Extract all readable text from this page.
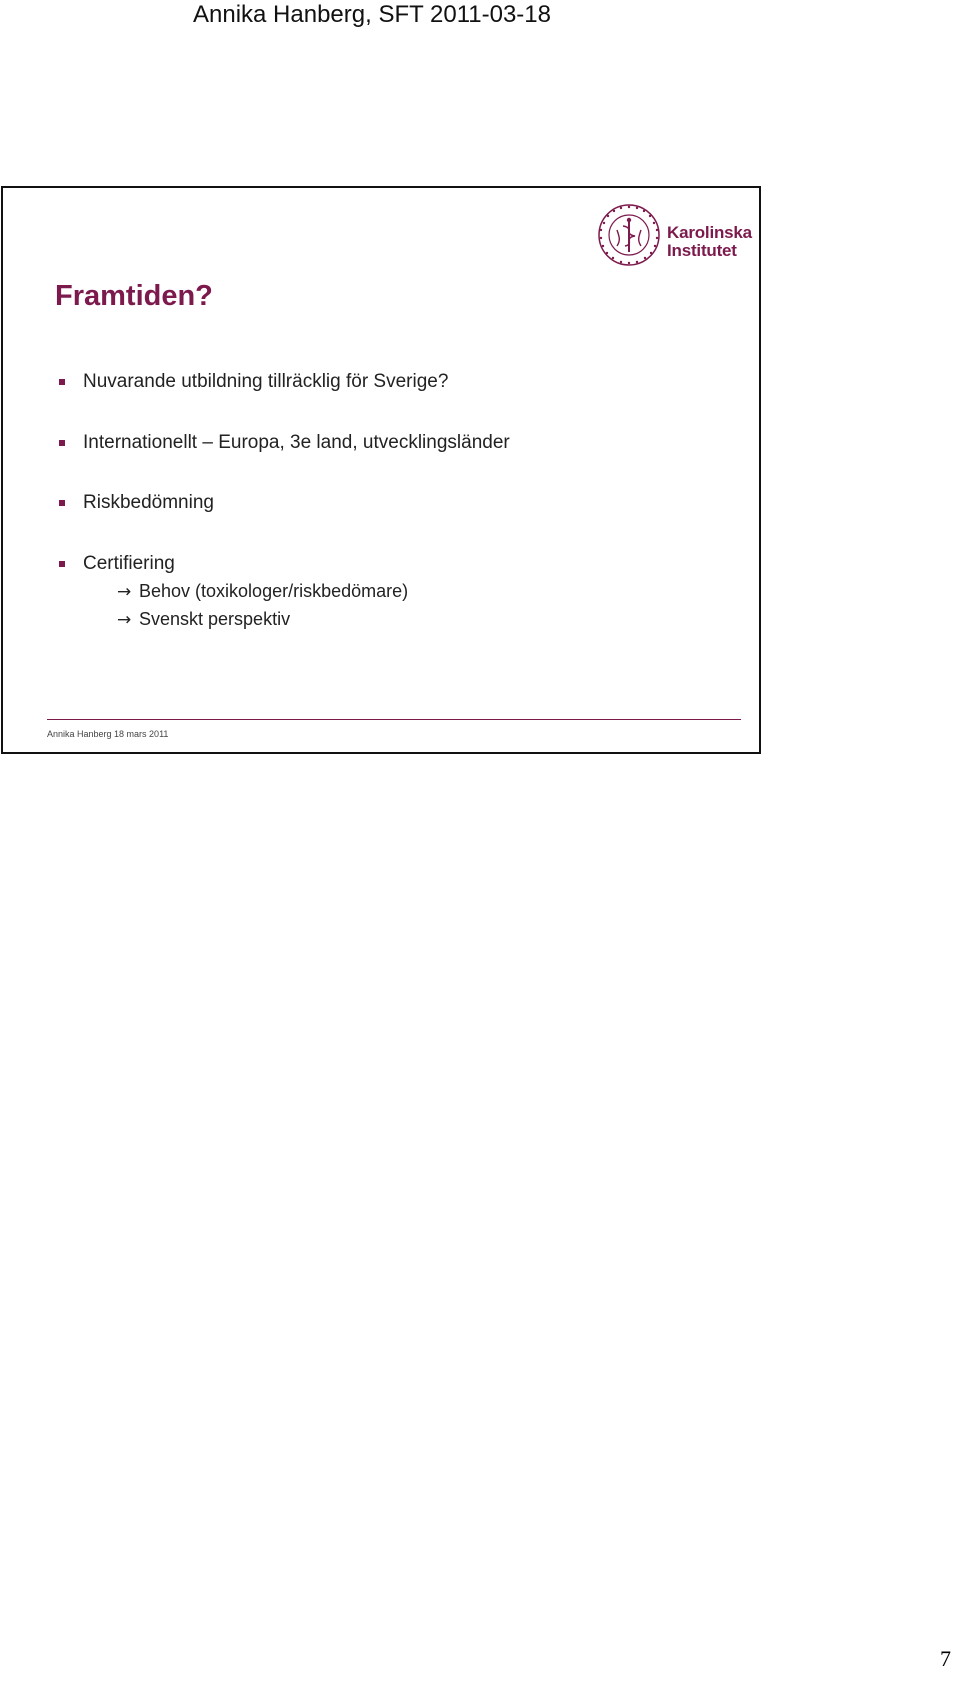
Annika Hanberg, SFT 2011-03-18
Karolinska
Institutet
Framtiden?
Nuvarande utbildning tillräcklig för Sverige?
Internationellt – Europa, 3e land, utvecklingsländer
Riskbedömning
Certifiering
→ Behov (toxikologer/riskbedömare)
→ Svenskt perspektiv
Annika Hanberg 18 mars 2011
7
